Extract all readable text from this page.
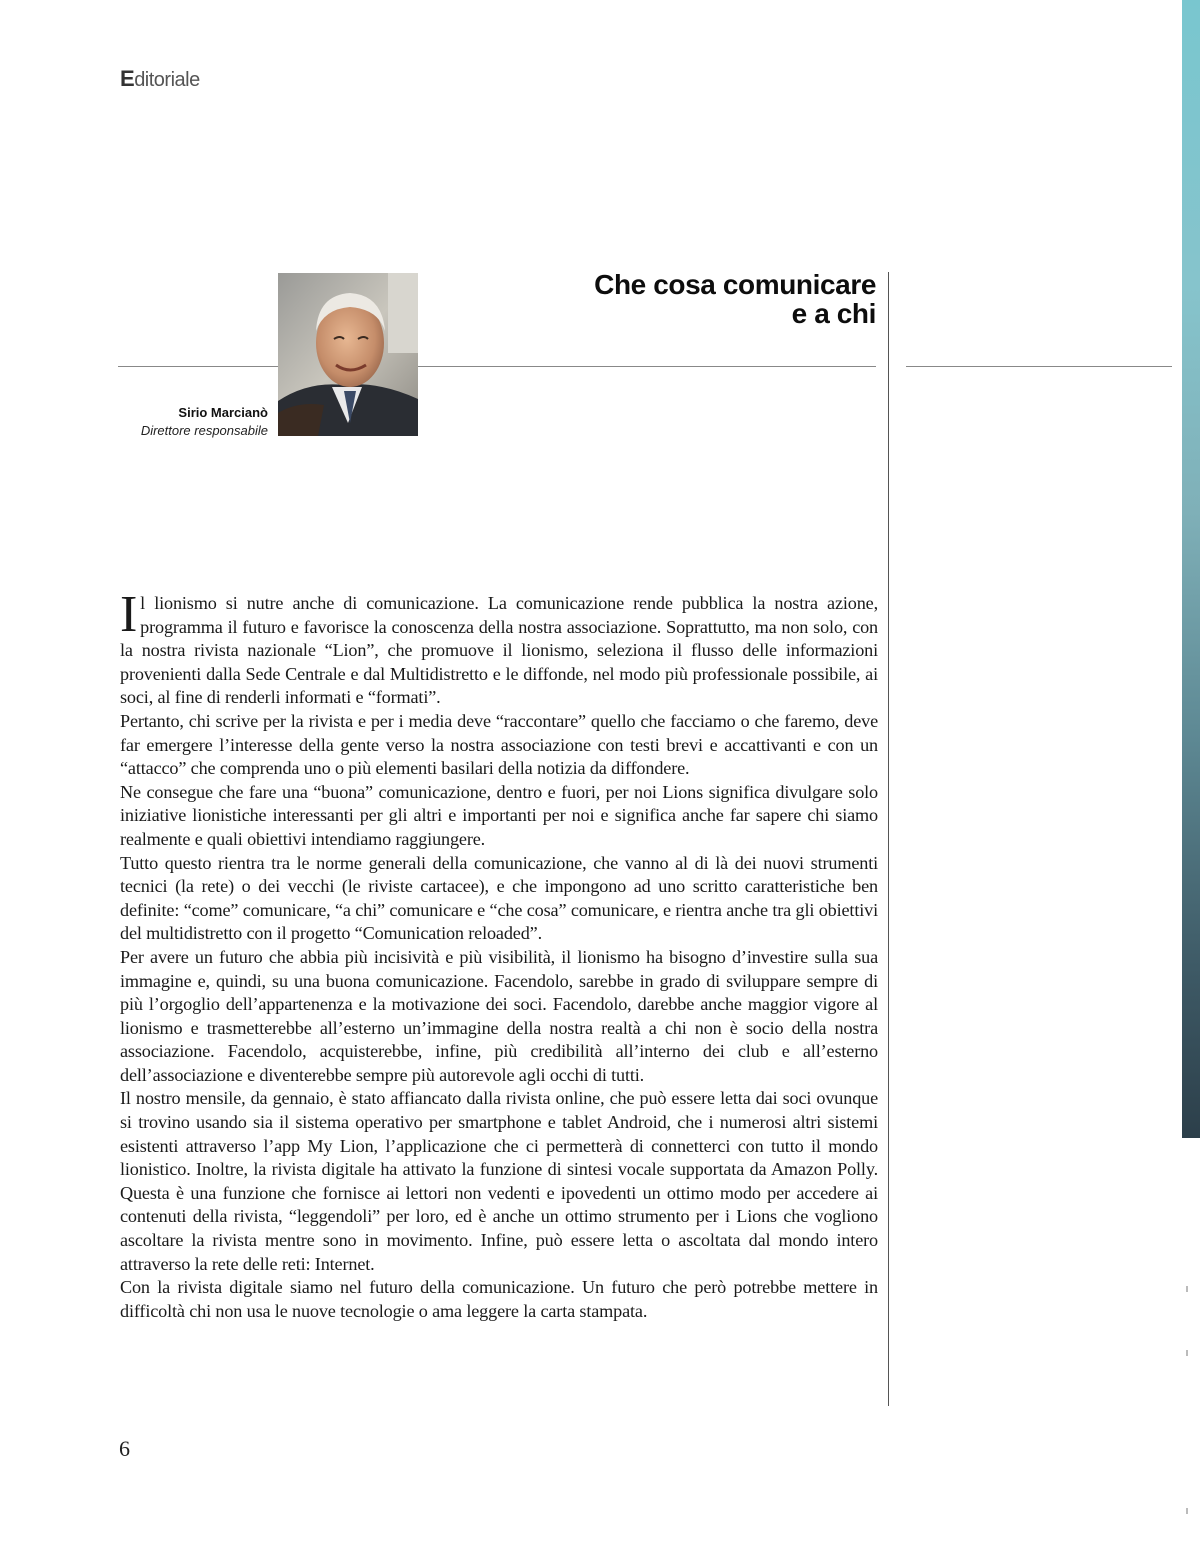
Editoriale
Sirio Marcianò
Direttore responsabile
Che cosa comunicare
e a chi

Il lionismo si nutre anche di comunicazione. La comunicazione rende pubblica la nostra azione, programma il futuro e favorisce la conoscenza della nostra associazione. Soprattutto, ma non solo, con la nostra rivista nazionale “Lion”, che promuove il lionismo, seleziona il flusso delle informazioni provenienti dalla Sede Centrale e dal Multidistretto e le diffonde, nel modo più professionale possibile, ai soci, al fine di renderli informati e “formati”.

Pertanto, chi scrive per la rivista e per i media deve “raccontare” quello che facciamo o che faremo, deve far emergere l’interesse della gente verso la nostra associazione con testi brevi e accattivanti e con un “attacco” che comprenda uno o più elementi basilari della notizia da diffondere.

Ne consegue che fare una “buona” comunicazione, dentro e fuori, per noi Lions significa divulgare solo iniziative lionistiche interessanti per gli altri e importanti per noi e significa anche far sapere chi siamo realmente e quali obiettivi intendiamo raggiungere.

Tutto questo rientra tra le norme generali della comunicazione, che vanno al di là dei nuovi strumenti tecnici (la rete) o dei vecchi (le riviste cartacee), e che impongono ad uno scritto caratteristiche ben definite: “come” comunicare, “a chi” comunicare e “che cosa” comunicare, e rientra anche tra gli obiettivi del multidistretto con il progetto “Comunication reloaded”.

Per avere un futuro che abbia più incisività e più visibilità, il lionismo ha bisogno d’investire sulla sua immagine e, quindi, su una buona comunicazione. Facendolo, sarebbe in grado di sviluppare sempre di più l’orgoglio dell’appartenenza e la motivazione dei soci. Facendolo, darebbe anche maggior vigore al lionismo e trasmetterebbe all’esterno un’immagine della nostra realtà a chi non è socio della nostra associazione. Facendolo, acquisterebbe, infine, più credibilità all’interno dei club e all’esterno dell’associazione e diventerebbe sempre più autorevole agli occhi di tutti.

Il nostro mensile, da gennaio, è stato affiancato dalla rivista online, che può essere letta dai soci ovunque si trovino usando sia il sistema operativo per smartphone e tablet Android, che i numerosi altri sistemi esistenti attraverso l’app My Lion, l’applicazione che ci permetterà di connetterci con tutto il mondo lionistico. Inoltre, la rivista digitale ha attivato la funzione di sintesi vocale supportata da Amazon Polly. Questa è una funzione che fornisce ai lettori non vedenti e ipovedenti un ottimo modo per accedere ai contenuti della rivista, “leggendoli” per loro, ed è anche un ottimo strumento per i Lions che vogliono ascoltare la rivista mentre sono in movimento. Infine, può essere letta o ascoltata dal mondo intero attraverso la rete delle reti: Internet.

Con la rivista digitale siamo nel futuro della comunicazione. Un futuro che però potrebbe mettere in difficoltà chi non usa le nuove tecnologie o ama leggere la carta stampata.

6
